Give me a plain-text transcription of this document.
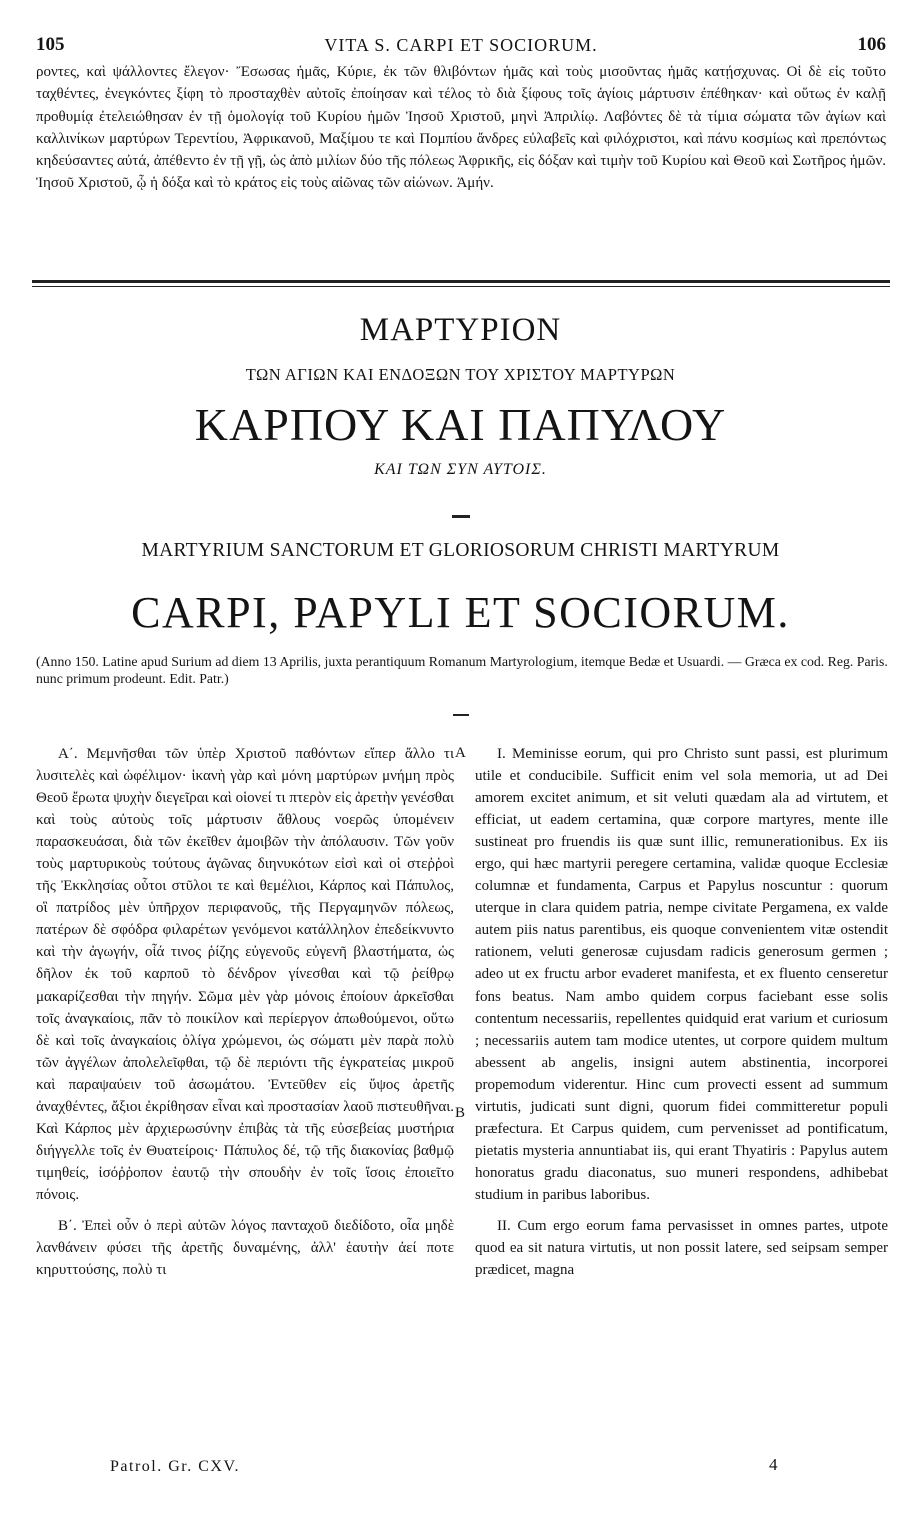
105	VITA S. CARPI ET SOCIORUM.	106

ροντες, καὶ ψάλλοντες ἔλεγον· Ἔσωσας ἡμᾶς, Κύριε, ἐκ τῶν θλιβόντων ἡμᾶς καὶ τοὺς μισοῦντας ἡμᾶς κατῄσχυνας. Οἱ δὲ εἰς τοῦτο ταχθέντες, ἐνεγκόντες ξίφη τὸ προσταχθὲν αὐτοῖς ἐποίησαν καὶ τέλος τὸ διὰ ξίφους τοῖς ἁγίοις μάρτυσιν ἐπέθηκαν· καὶ οὕτως ἐν καλῇ προθυμίᾳ ἐτελειώθησαν ἐν τῇ ὁμολογίᾳ τοῦ Κυρίου ἡμῶν Ἰησοῦ Χριστοῦ, μηνὶ Ἀπριλίῳ. Λαβόντες δὲ τὰ τίμια σώματα τῶν ἁγίων καὶ καλλινίκων μαρτύρων Τερεντίου, Ἀφρικανοῦ, Μαξίμου τε καὶ Πομπίου ἄνδρες εὐλαβεῖς καὶ φιλόχριστοι, καὶ πάνυ κοσμίως καὶ πρεπόντως κηδεύσαντες αὐτά, ἀπέθεντο ἐν τῇ γῇ, ὡς ἀπὸ μιλίων δύο τῆς πόλεως Ἀφρικῆς, εἰς δόξαν καὶ τιμὴν τοῦ Κυρίου καὶ Θεοῦ καὶ Σωτῆρος ἡμῶν. Ἰησοῦ Χριστοῦ, ᾧ ἡ δόξα καὶ τὸ κράτος εἰς τοὺς αἰῶνας τῶν αἰώνων. Ἀμήν.

ΜΑΡΤΥΡΙΟΝ
ΤΩΝ ΑΓΙΩΝ ΚΑΙ ΕΝΔΟΞΩΝ ΤΟΥ ΧΡΙΣΤΟΥ ΜΑΡΤΥΡΩΝ
ΚΑΡΠΟΥ ΚΑΙ ΠΑΠΥΛΟΥ
ΚΑΙ ΤΩΝ ΣΥΝ ΑΥΤΟΙΣ.
MARTYRIUM SANCTORUM ET GLORIOSORUM CHRISTI MARTYRUM
CARPI, PAPYLI ET SOCIORUM.

(Anno 150. Latine apud Surium ad diem 13 Aprilis, juxta perantiquum Romanum Martyrologium, itemque Bedæ et Usuardi. — Græca ex cod. Reg. Paris. nunc primum prodeunt. Edit. Patr.)

Α΄. Μεμνῆσθαι τῶν ὑπὲρ Χριστοῦ παθόντων εἴπερ ἄλλο τι λυσιτελὲς καὶ ὠφέλιμον· ἱκανὴ γὰρ καὶ μόνη μαρτύρων μνήμη πρὸς Θεοῦ ἔρωτα ψυχὴν διεγεῖραι καὶ οἱονεί τι πτερὸν εἰς ἀρετὴν γενέσθαι καὶ τοὺς αὐτοὺς τοῖς μάρτυσιν ἄθλους νοερῶς ὑπομένειν παρασκευάσαι, διὰ τῶν ἐκεῖθεν ἀμοιβῶν τὴν ἀπόλαυσιν. Τῶν γοῦν τοὺς μαρτυρικοὺς τούτους ἀγῶνας διηνυκότων εἰσὶ καὶ οἱ στεῤῥοὶ τῆς Ἐκκλησίας οὗτοι στῦλοι τε καὶ θεμέλιοι, Κάρπος καὶ Πάπυλος, οἳ πατρίδος μὲν ὑπῆρχον περιφανοῦς, τῆς Περγαμηνῶν πόλεως, πατέρων δὲ σφόδρα φιλαρέτων γενόμενοι κατάλληλον ἐπεδείκνυντο καὶ τὴν ἀγωγήν, οἷά τινος ῥίζης εὐγενοῦς εὐγενῆ βλαστήματα, ὡς δῆλον ἐκ τοῦ καρποῦ τὸ δένδρον γίνεσθαι καὶ τῷ ῥείθρῳ μακαρίζεσθαι τὴν πηγήν. Σῶμα μὲν γὰρ μόνοις ἐποίουν ἀρκεῖσθαι τοῖς ἀναγκαίοις, πᾶν τὸ ποικίλον καὶ περίεργον ἀπωθούμενοι, οὕτω δὲ καὶ τοῖς ἀναγκαίοις ὀλίγα χρώμενοι, ὡς σώματι μὲν παρὰ πολὺ τῶν ἀγγέλων ἀπολελεῖφθαι, τῷ δὲ περιόντι τῆς ἐγκρατείας μικροῦ καὶ παραψαύειν τοῦ ἀσωμάτου. Ἐντεῦθεν εἰς ὕψος ἀρετῆς ἀναχθέντες, ἄξιοι ἐκρίθησαν εἶναι καὶ προστασίαν λαοῦ πιστευθῆναι. Καὶ Κάρπος μὲν ἀρχιερωσύνην ἐπιβὰς τὰ τῆς εὐσεβείας μυστήρια διήγγελλε τοῖς ἐν Θυατείροις· Πάπυλος δέ, τῷ τῆς διακονίας βαθμῷ τιμηθείς, ἰσόῤῥοπον ἑαυτῷ τὴν σπουδὴν ἐν τοῖς ἴσοις ἐποιεῖτο πόνοις.

Β΄. Ἐπεὶ οὖν ὁ περὶ αὐτῶν λόγος πανταχοῦ διεδίδοτο, οἷα μηδὲ λανθάνειν φύσει τῆς ἀρετῆς δυναμένης, ἀλλ' ἑαυτὴν ἀεί ποτε κηρυττούσης, πολὺ τι

A
B

I. Meminisse eorum, qui pro Christo sunt passi, est plurimum utile et conducibile. Sufficit enim vel sola memoria, ut ad Dei amorem excitet animum, et sit veluti quædam ala ad virtutem, et efficiat, ut eadem certamina, quæ corpore martyres, mente ille sustineat pro fruendis iis quæ sunt illic, remunerationibus. Ex iis ergo, qui hæc martyrii peregere certamina, validæ quoque Ecclesiæ columnæ et fundamenta, Carpus et Papylus noscuntur : quorum uterque in clara quidem patria, nempe civitate Pergamena, ex valde autem piis natus parentibus, eis quoque convenientem vitæ ostendit rationem, veluti generosæ cujusdam radicis generosum germen ; adeo ut ex fructu arbor evaderet manifesta, et ex fluento censeretur fons beatus. Nam ambo quidem corpus faciebant esse solis contentum necessariis, repellentes quidquid erat varium et curiosum ; necessariis autem tam modice utentes, ut corpore quidem multum abessent ab angelis, insigni autem abstinentia, incorporei propemodum viderentur. Hinc cum provecti essent ad summum virtutis, judicati sunt digni, quorum fidei committeretur populi præfectura. Et Carpus quidem, cum pervenisset ad pontificatum, pietatis mysteria annuntiabat iis, qui erant Thyatiris : Papylus autem honoratus gradu diaconatus, suo muneri respondens, adhibebat studium in paribus laboribus.

II. Cum ergo eorum fama pervasisset in omnes partes, utpote quod ea sit natura virtutis, ut non possit latere, sed seipsam semper prædicet, magna

Patrol. Gr. CXV.	4
